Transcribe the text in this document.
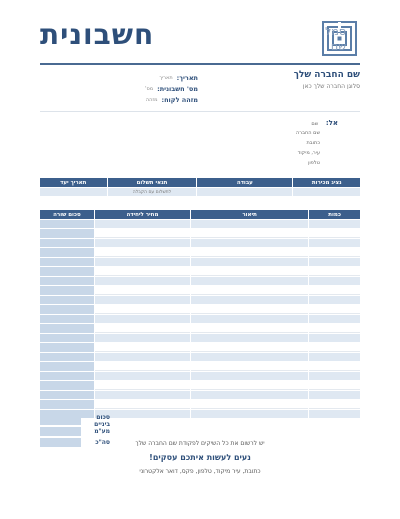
סמל
שם
חשבונית
שם החברה שלך
סלוגן החברה שלך כאן
תאריך:
תאריך
מס' חשבונית:
מס'
מזהה לקוח:
מזהה
אל: שם
שם החברה
כתובת
עיר, מיקוד
טלפון
נציג מכירות	עבודה	תנאי תשלום	תאריך יעד
		לתשלום עם הקבלה	
כמות	תיאור	מחיר ליחידה	סכום שורה

סכום ביניים
מע"מ
סה"כ	יש לרשום את כל השיקים לפקודת שם החברה שלך
נעים לעשות איתכם עסקים!
כתובת, עיר מיקוד, טלפון, פקס, דואר אלקטרוני
